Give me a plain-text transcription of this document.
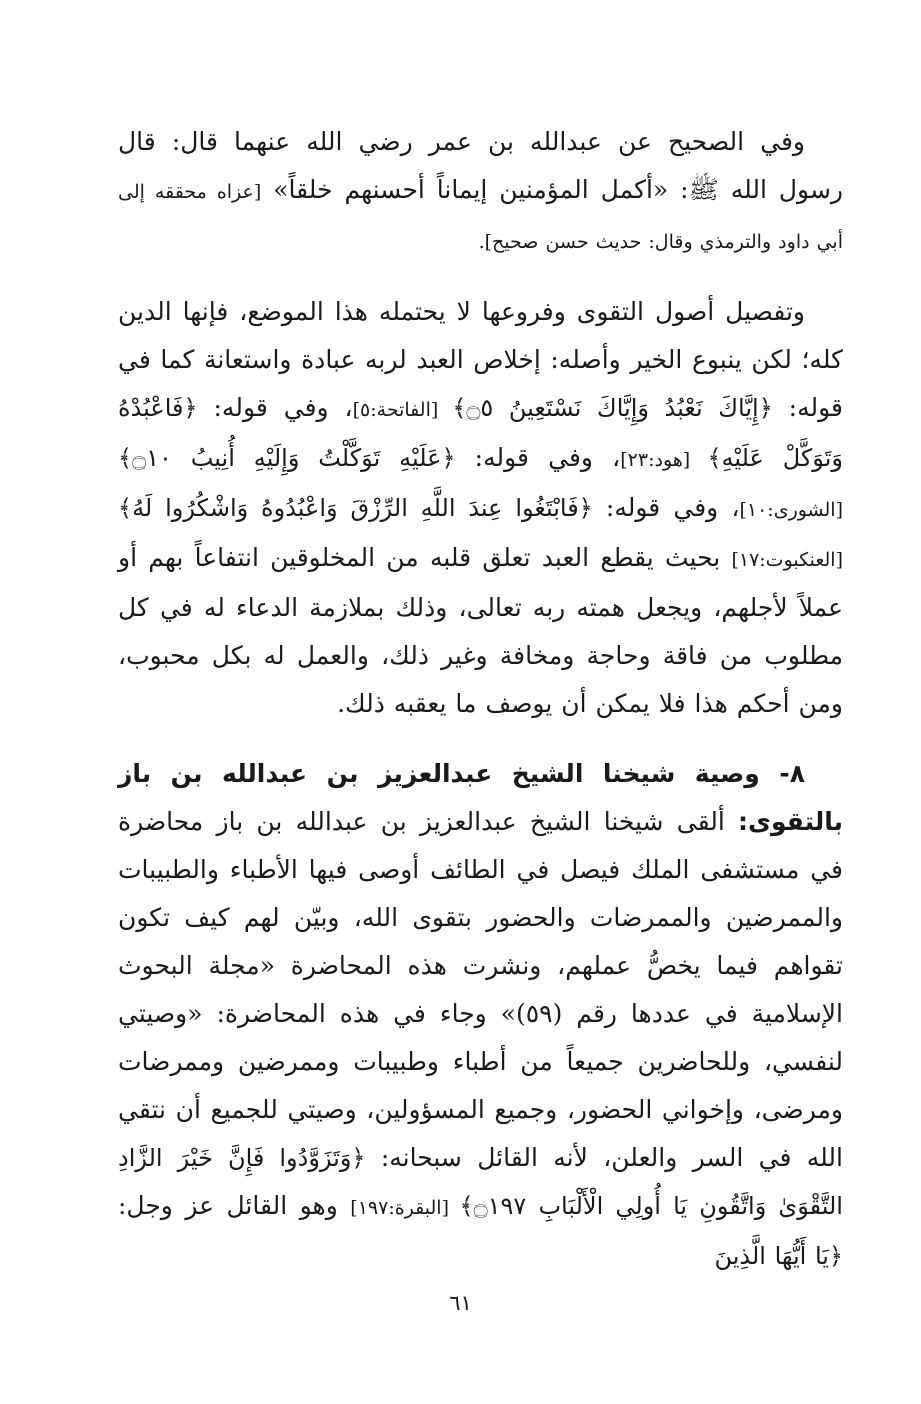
وفي الصحيح عن عبدالله بن عمر رضي الله عنهما قال: قال رسول الله ﷺ: «أكمل المؤمنين إيماناً أحسنهم خلقاً» [عزاه محققه إلى أبي داود والترمذي وقال: حديث حسن صحيح].

وتفصيل أصول التقوى وفروعها لا يحتمله هذا الموضع، فإنها الدين كله؛ لكن ينبوع الخير وأصله: إخلاص العبد لربه عبادة واستعانة كما في قوله: ﴿إِيَّاكَ نَعْبُدُ وَإِيَّاكَ نَسْتَعِينُ ۝٥﴾ [الفاتحة:٥]، وفي قوله: ﴿فَاعْبُدْهُ وَتَوَكَّلْ عَلَيْهِ﴾ [هود:٢٣]، وفي قوله: ﴿عَلَيْهِ تَوَكَّلْتُ وَإِلَيْهِ أُنِيبُ ۝١٠﴾ [الشورى:١٠]، وفي قوله: ﴿فَابْتَغُوا عِندَ اللَّهِ الرِّزْقَ وَاعْبُدُوهُ وَاشْكُرُوا لَهُ﴾ [العنكبوت:١٧] بحيث يقطع العبد تعلق قلبه من المخلوقين انتفاعاً بهم أو عملاً لأجلهم، ويجعل همته ربه تعالى، وذلك بملازمة الدعاء له في كل مطلوب من فاقة وحاجة ومخافة وغير ذلك، والعمل له بكل محبوب، ومن أحكم هذا فلا يمكن أن يوصف ما يعقبه ذلك.

٨- وصية شيخنا الشيخ عبدالعزيز بن عبدالله بن باز بالتقوى: ألقى شيخنا الشيخ عبدالعزيز بن عبدالله بن باز محاضرة في مستشفى الملك فيصل في الطائف أوصى فيها الأطباء والطبيبات والممرضين والممرضات والحضور بتقوى الله، وبيّن لهم كيف تكون تقواهم فيما يخصُّ عملهم، ونشرت هذه المحاضرة «مجلة البحوث الإسلامية في عددها رقم (٥٩)» وجاء في هذه المحاضرة: «وصيتي لنفسي، وللحاضرين جميعاً من أطباء وطبيبات وممرضين وممرضات ومرضى، وإخواني الحضور، وجميع المسؤولين، وصيتي للجميع أن نتقي الله في السر والعلن، لأنه القائل سبحانه: ﴿وَتَزَوَّدُوا فَإِنَّ خَيْرَ الزَّادِ التَّقْوَىٰ وَاتَّقُونِ يَا أُولِي الْأَلْبَابِ ۝١٩٧﴾ [البقرة:١٩٧] وهو القائل عز وجل: ﴿يَا أَيُّهَا الَّذِينَ

٦١
